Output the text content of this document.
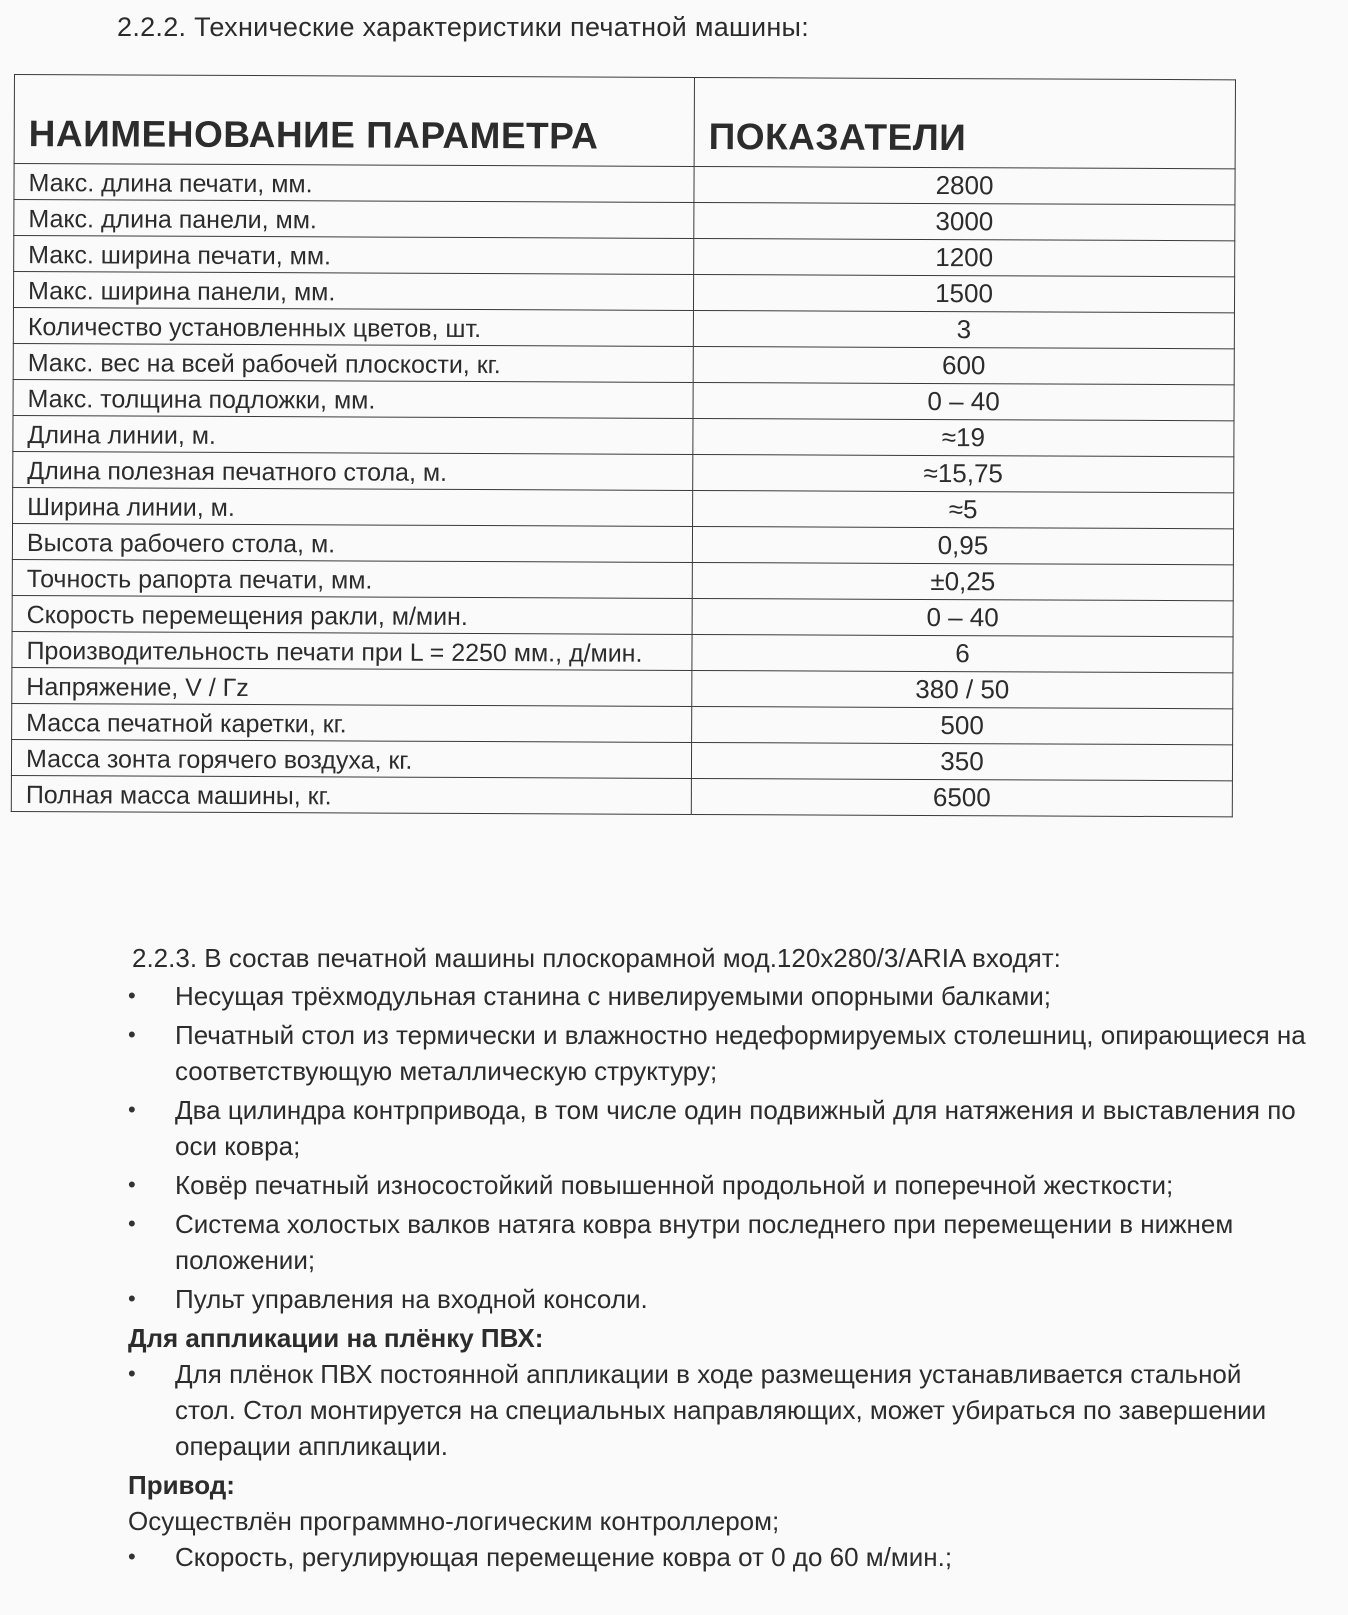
2.2.2. Технические характеристики печатной машины:
НАИМЕНОВАНИЕ ПАРАМЕТРА	ПОКАЗАТЕЛИ
Макс. длина печати, мм.	2800
Макс. длина панели, мм.	3000
Макс. ширина печати, мм.	1200
Макс. ширина панели, мм.	1500
Количество установленных цветов, шт.	3
Макс. вес на всей рабочей плоскости, кг.	600
Макс. толщина подложки, мм.	0 – 40
Длина линии, м.	≈19
Длина полезная печатного стола, м.	≈15,75
Ширина линии, м.	≈5
Высота рабочего стола, м.	0,95
Точность рапорта печати, мм.	±0,25
Скорость перемещения ракли, м/мин.	0 – 40
Производительность печати при L = 2250 мм., д/мин.	6
Напряжение, V / Гz	380 / 50
Масса печатной каретки, кг.	500
Масса зонта горячего воздуха, кг.	350
Полная масса машины, кг.	6500

2.2.3. В состав печатной машины плоскорамной мод.120х280/3/ARIA входят:

•	Несущая трёхмодульная станина с нивелируемыми опорными балками;
•	Печатный стол из термически и влажностно недеформируемых столешниц, опирающиеся на соответствующую металлическую структуру;
•	Два цилиндра контрпривода, в том числе один подвижный для натяжения и выставления по оси ковра;
•	Ковёр печатный износостойкий повышенной продольной и поперечной жесткости;
•	Система холостых валков натяга ковра внутри последнего при перемещении в нижнем положении;
•	Пульт управления на входной консоли.

Для аппликации на плёнку ПВХ:

•	Для плёнок ПВХ постоянной аппликации в ходе размещения устанавливается стальной стол. Стол монтируется на специальных направляющих, может убираться по завершении операции аппликации.

Привод:

Осуществлён программно-логическим контроллером;

•	Скорость, регулирующая перемещение ковра от 0 до 60 м/мин.;
